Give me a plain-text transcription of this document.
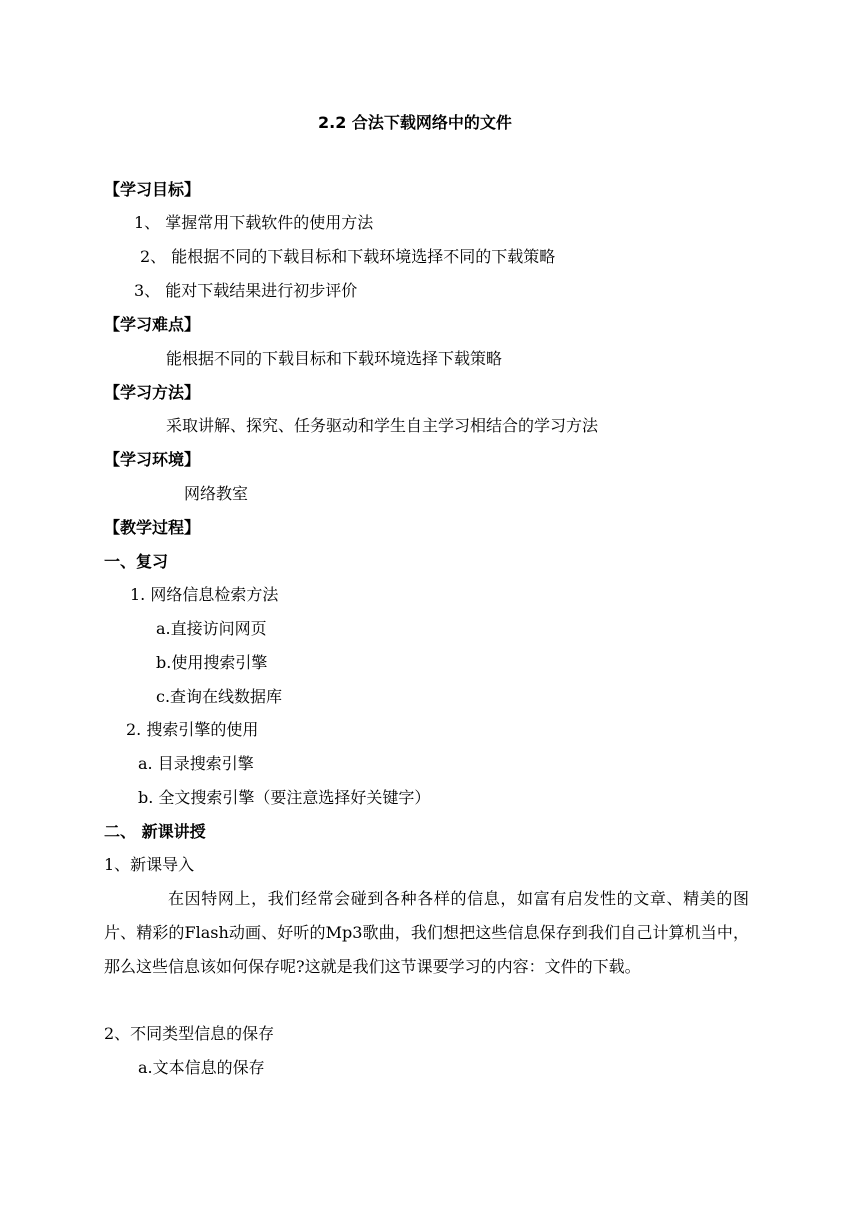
2.2 合法下载网络中的文件
【学习目标】
1、 掌握常用下载软件的使用方法
2、 能根据不同的下载目标和下载环境选择不同的下载策略
3、 能对下载结果进行初步评价
【学习难点】
能根据不同的下载目标和下载环境选择下载策略
【学习方法】
采取讲解、探究、任务驱动和学生自主学习相结合的学习方法
【学习环境】
网络教室
【教学过程】
一、复习
1. 网络信息检索方法
a.直接访问网页
b.使用搜索引擎
c.查询在线数据库
2. 搜索引擎的使用
a. 目录搜索引擎
b. 全文搜索引擎（要注意选择好关键字）
二、 新课讲授
1、新课导入
在因特网上，我们经常会碰到各种各样的信息，如富有启发性的文章、精美的图片、精彩的Flash动画、好听的Mp3歌曲，我们想把这些信息保存到我们自己计算机当中，那么这些信息该如何保存呢?这就是我们这节课要学习的内容：文件的下载。
2、不同类型信息的保存
a.文本信息的保存
